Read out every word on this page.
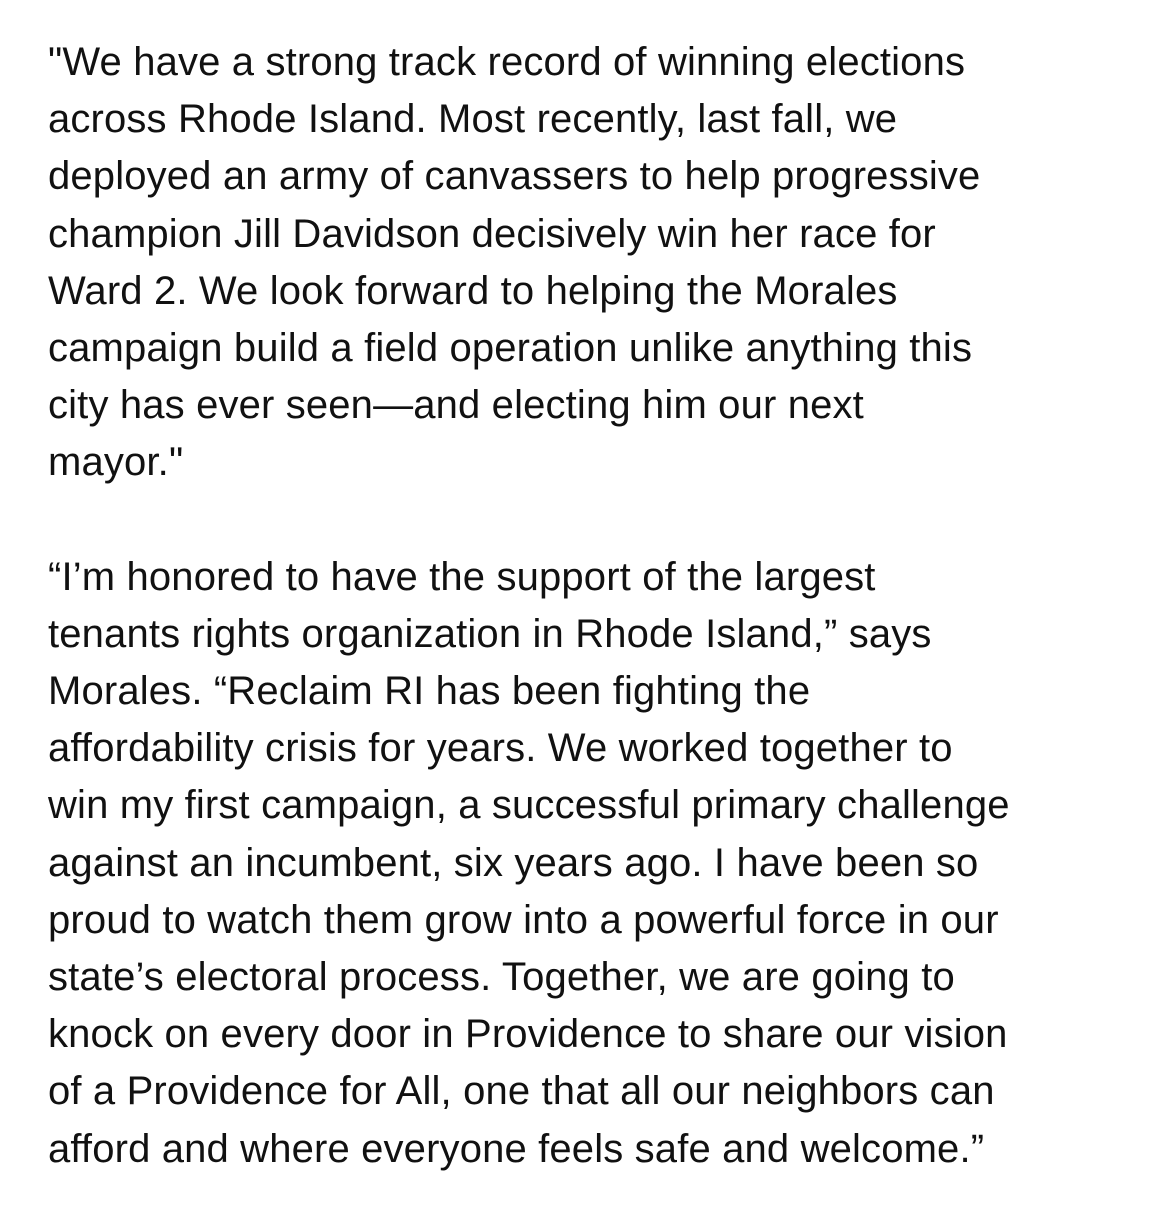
"We have a strong track record of winning elections
across Rhode Island. Most recently, last fall, we
deployed an army of canvassers to help progressive
champion Jill Davidson decisively win her race for
Ward 2. We look forward to helping the Morales
campaign build a field operation unlike anything this
city has ever seen—and electing him our next
mayor."

“I’m honored to have the support of the largest
tenants rights organization in Rhode Island,” says
Morales. “Reclaim RI has been fighting the
affordability crisis for years. We worked together to
win my first campaign, a successful primary challenge
against an incumbent, six years ago. I have been so
proud to watch them grow into a powerful force in our
state’s electoral process. Together, we are going to
knock on every door in Providence to share our vision
of a Providence for All, one that all our neighbors can
afford and where everyone feels safe and welcome.”
